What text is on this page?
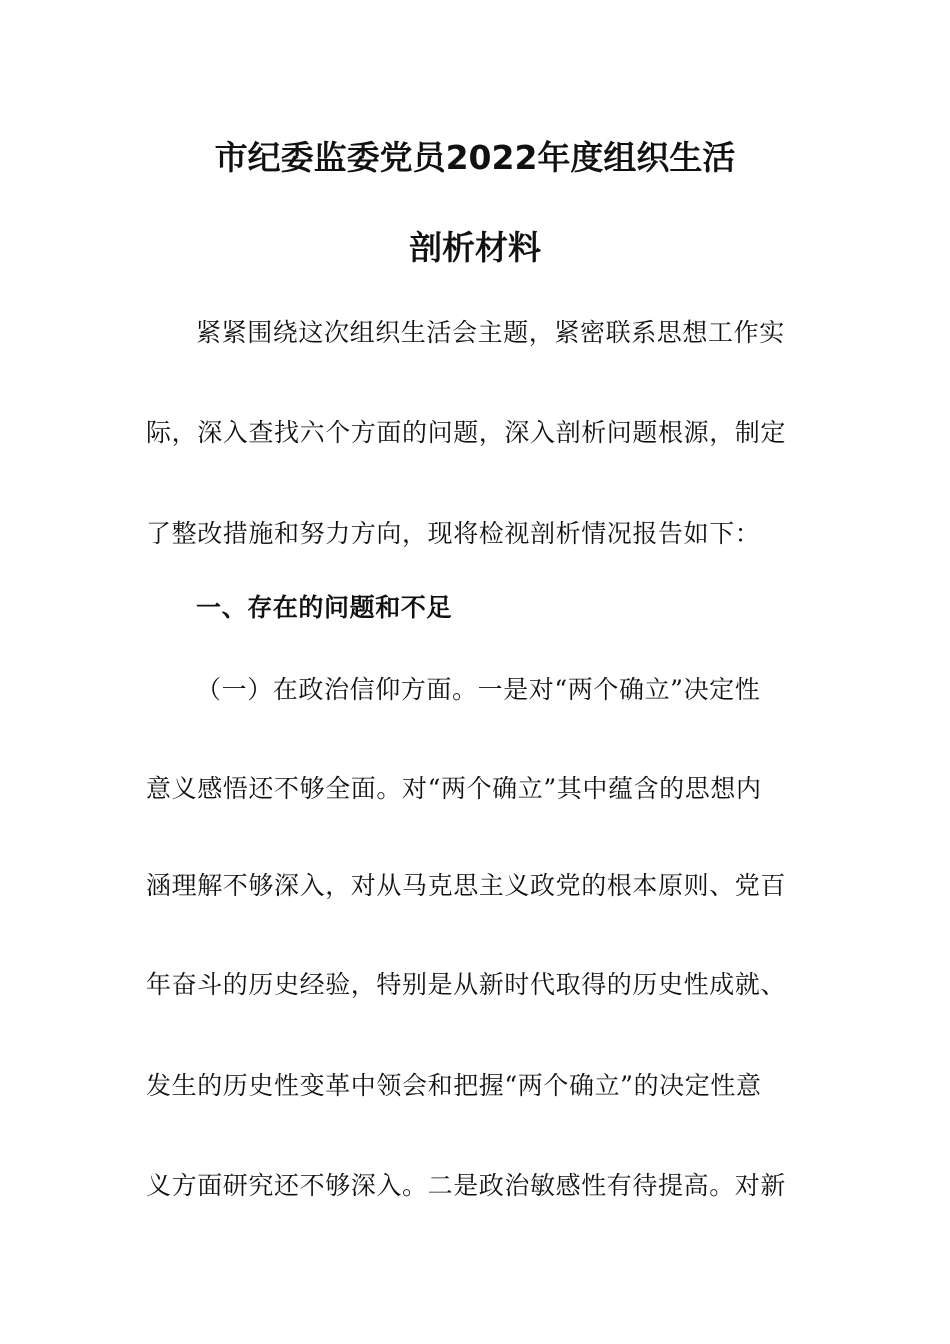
市纪委监委党员2022年度组织生活
剖析材料
紧紧围绕这次组织生活会主题，紧密联系思想工作实
际，深入查找六个方面的问题，深入剖析问题根源，制定
了整改措施和努力方向，现将检视剖析情况报告如下：
一、存在的问题和不足
（一）在政治信仰方面。一是对“两个确立”决定性
意义感悟还不够全面。对“两个确立”其中蕴含的思想内
涵理解不够深入，对从马克思主义政党的根本原则、党百
年奋斗的历史经验，特别是从新时代取得的历史性成就、
发生的历史性变革中领会和把握“两个确立”的决定性意
义方面研究还不够深入。二是政治敏感性有待提高。对新
